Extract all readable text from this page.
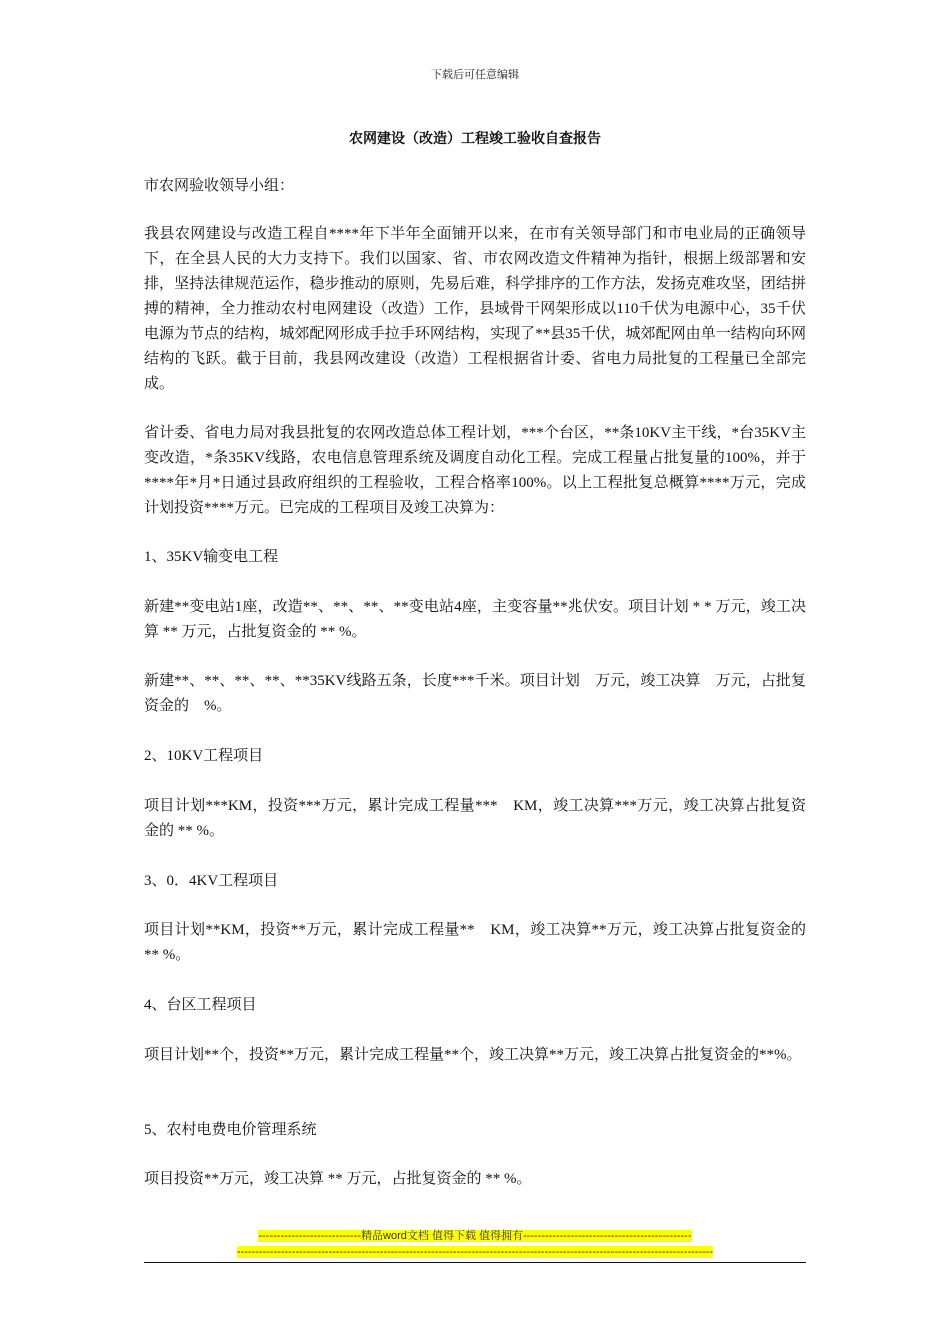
下载后可任意编辑
农网建设（改造）工程竣工验收自查报告
市农网验收领导小组：
我县农网建设与改造工程自****年下半年全面铺开以来，在市有关领导部门和市电业局的正确领导下，在全县人民的大力支持下。我们以国家、省、市农网改造文件精神为指针，根据上级部署和安排，坚持法律规范运作，稳步推动的原则，先易后难，科学排序的工作方法，发扬克难攻坚，团结拼搏的精神，全力推动农村电网建设（改造）工作，县域骨干网架形成以110千伏为电源中心，35千伏电源为节点的结构，城郊配网形成手拉手环网结构，实现了**县35千伏，城郊配网由单一结构向环网结构的飞跃。截于目前，我县网改建设（改造）工程根据省计委、省电力局批复的工程量已全部完成。
省计委、省电力局对我县批复的农网改造总体工程计划，***个台区，**条10KV主干线，*台35KV主变改造，*条35KV线路，农电信息管理系统及调度自动化工程。完成工程量占批复量的100%，并于****年*月*日通过县政府组织的工程验收，工程合格率100%。以上工程批复总概算****万元，完成计划投资****万元。已完成的工程项目及竣工决算为：
1、35KV输变电工程
新建**变电站1座，改造**、**、**、**变电站4座，主变容量**兆伏安。项目计划 * * 万元，竣工决算 ** 万元，占批复资金的 ** %。
新建**、**、**、**、**35KV线路五条，长度***千米。项目计划　万元，竣工决算　万元，占批复资金的　%。
2、10KV工程项目
项目计划***KM，投资***万元，累计完成工程量***　KM，竣工决算***万元，竣工决算占批复资金的 ** %。
3、0．4KV工程项目
项目计划**KM，投资**万元，累计完成工程量**　KM，竣工决算**万元，竣工决算占批复资金的** %。
4、台区工程项目
项目计划**个，投资**万元，累计完成工程量**个，竣工决算**万元，竣工决算占批复资金的**%。
5、农村电费电价管理系统
项目投资**万元，竣工决算 ** 万元，占批复资金的 ** %。
----------------------------精品word文档 值得下载 值得拥有----------------------------------------------
----------------------------------------------------------------------------------------------------------------------------------
